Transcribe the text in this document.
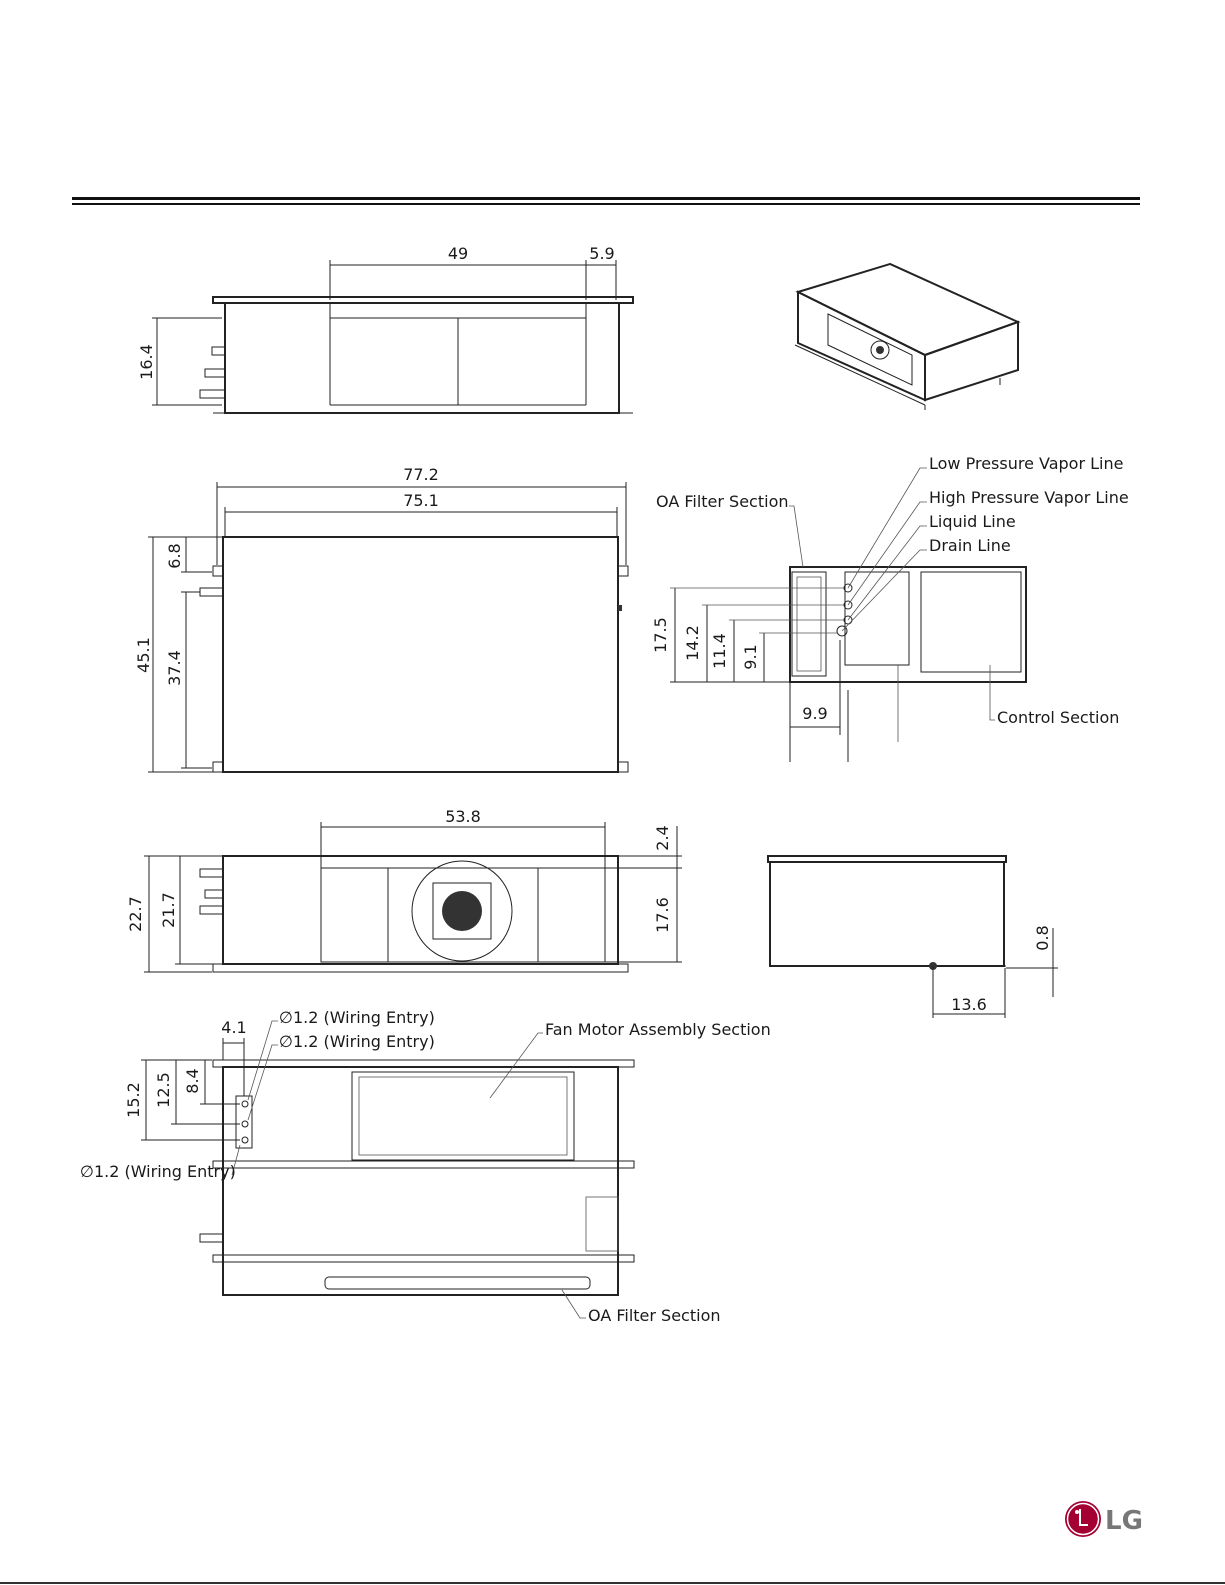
49	5.9
16.4
77.2
75.1
45.1
6.8
37.4
Low Pressure Vapor Line
High Pressure Vapor Line
Liquid Line
Drain Line
OA Filter Section
Control Section
17.5 14.2 11.4 9.1
9.9
53.8
22.7 21.7
2.4
17.6
0.8
13.6
∅1.2 (Wiring Entry)
∅1.2 (Wiring Entry)
∅1.2 (Wiring Entry)
Fan Motor Assembly Section
OA Filter Section
4.1
15.2 12.5 8.4
LG
